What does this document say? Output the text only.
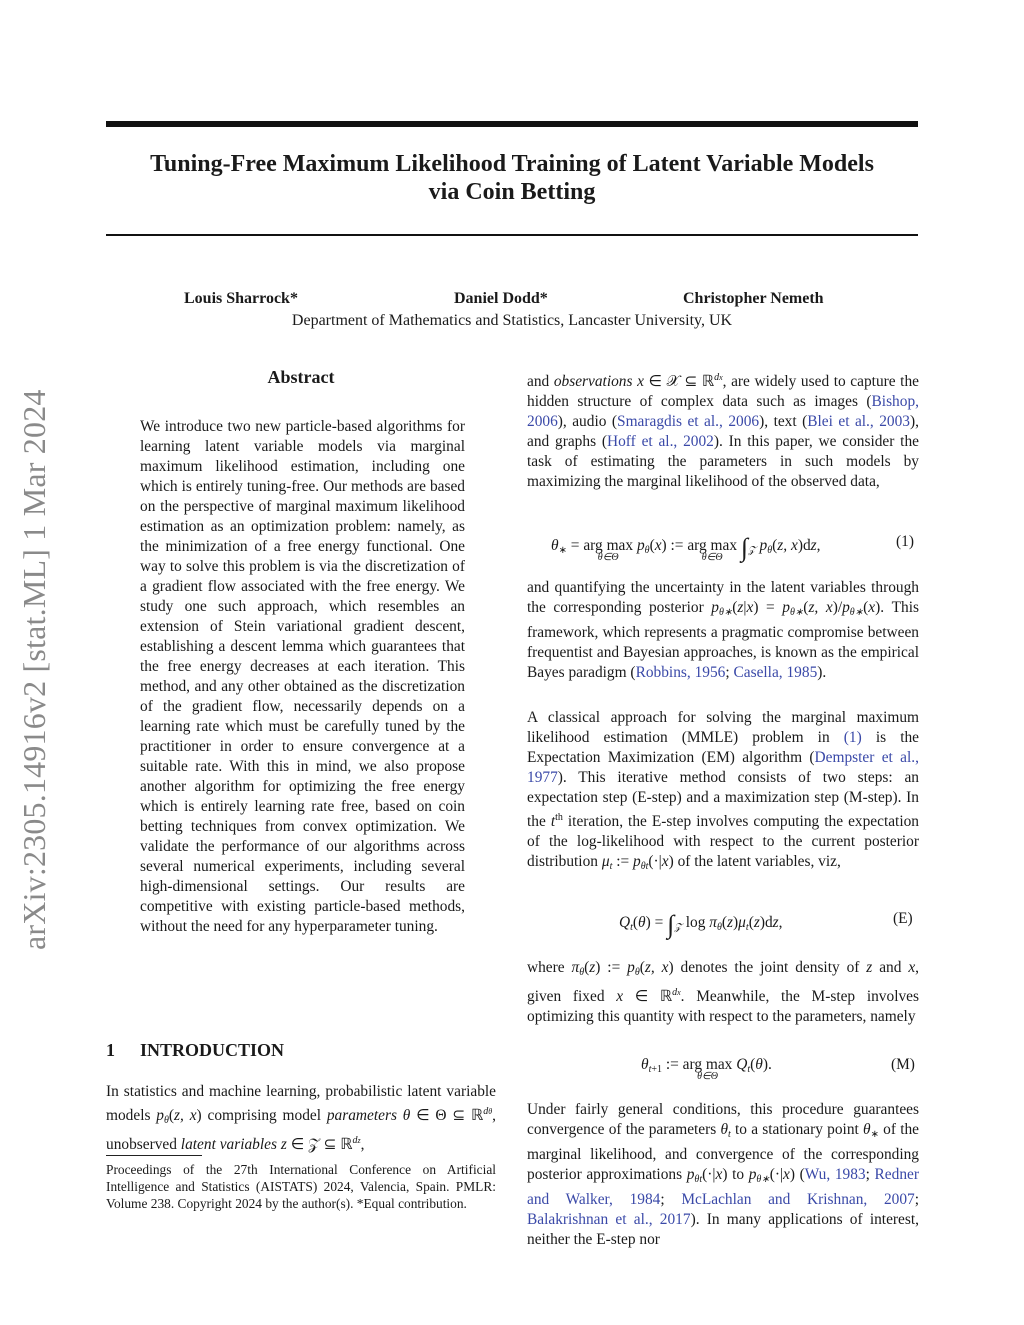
Tuning-Free Maximum Likelihood Training of Latent Variable Models
via Coin Betting
Louis Sharrock*	Daniel Dodd*	Christopher Nemeth
Department of Mathematics and Statistics, Lancaster University, UK
arXiv:2305.14916v2 [stat.ML] 1 Mar 2024
Abstract

We introduce two new particle-based algorithms for learning latent variable models via marginal maximum likelihood estimation, including one which is entirely tuning-free. Our methods are based on the perspective of marginal maximum likelihood estimation as an optimization problem: namely, as the minimization of a free energy functional. One way to solve this problem is via the discretization of a gradient flow associated with the free energy. We study one such approach, which resembles an extension of Stein variational gradient descent, establishing a descent lemma which guarantees that the free energy decreases at each iteration. This method, and any other obtained as the discretization of the gradient flow, necessarily depends on a learning rate which must be carefully tuned by the practitioner in order to ensure convergence at a suitable rate. With this in mind, we also propose another algorithm for optimizing the free energy which is entirely learning rate free, based on coin betting techniques from convex optimization. We validate the performance of our algorithms across several numerical experiments, including several high-dimensional settings. Our results are competitive with existing particle-based methods, without the need for any hyperparameter tuning.

1 INTRODUCTION

In statistics and machine learning, probabilistic latent variable models $p_\theta(z$, x) comprising model parameters θ ∈ Θ ⊆ ℝ$^{d\theta}$, unobserved latent variables z ∈ 𝒵 ⊆ ℝ$^{dz}$,

Proceedings of the 27th International Conference on Artificial Intelligence and Statistics (AISTATS) 2024, Valencia, Spain. PMLR: Volume 238. Copyright 2024 by the author(s). *Equal contribution.

and observations x ∈ 𝒳 ⊆ ℝ$^{dx}$, are widely used to capture the hidden structure of complex data such as images (Bishop, 2006), audio (Smaragdis et al., 2006), text (Blei et al., 2003), and graphs (Hoff et al., 2002). In this paper, we consider the task of estimating the parameters in such models by maximizing the marginal likelihood of the observed data,

$\theta_∗$ = arg max
θ∈Θ
$p_\theta(x)$ := arg max
θ∈Θ $\int_𝒵$ $p_\theta(z$, x)dz,	(1)

and quantifying the uncertainty in the latent variables through the corresponding posterior $p_{\theta∗}(z|x) = p_{\theta∗}(z$, $x)/p_{\theta∗}(x)$. This framework, which represents a pragmatic compromise between frequentist and Bayesian approaches, is known as the empirical Bayes paradigm (Robbins, 1956; Casella, 1985).

A classical approach for solving the marginal maximum likelihood estimation (MMLE) problem in (1) is the Expectation Maximization (EM) algorithm (Dempster et al., 1977). This iterative method consists of two steps: an expectation step (E-step) and a maximization step (M-step). In the $t^{th}$ iteration, the E-step involves computing the expectation of the log-likelihood with respect to the current posterior distribution $\mu_t$ := $p_{\theta t}(\cdot|x)$ of the latent variables, viz,

$Q_t(\theta) = \int_𝒵$ $\log \pi_\theta(z)\mu_t(z)dz$,	(E)

where $\pi_\theta(z)$ := $p_\theta(z$, x) denotes the joint density of z and x, given fixed x ∈ ℝ$^{dx}$. Meanwhile, the M-step involves optimizing this quantity with respect to the parameters, namely

$\theta_{t+1}$ := arg max
θ∈Θ
$Q_t(\theta)$.	(M)

Under fairly general conditions, this procedure guarantees convergence of the parameters $\theta_t$ to a stationary point $\theta_∗$ of the marginal likelihood, and convergence of the corresponding posterior approximations $p_{\theta t}(\cdot|x)$ to $p_{\theta∗}(\cdot|x)$ (Wu, 1983; Redner and Walker, 1984; McLachlan and Krishnan, 2007; Balakrishnan et al., 2017). In many applications of interest, neither the E-step nor
